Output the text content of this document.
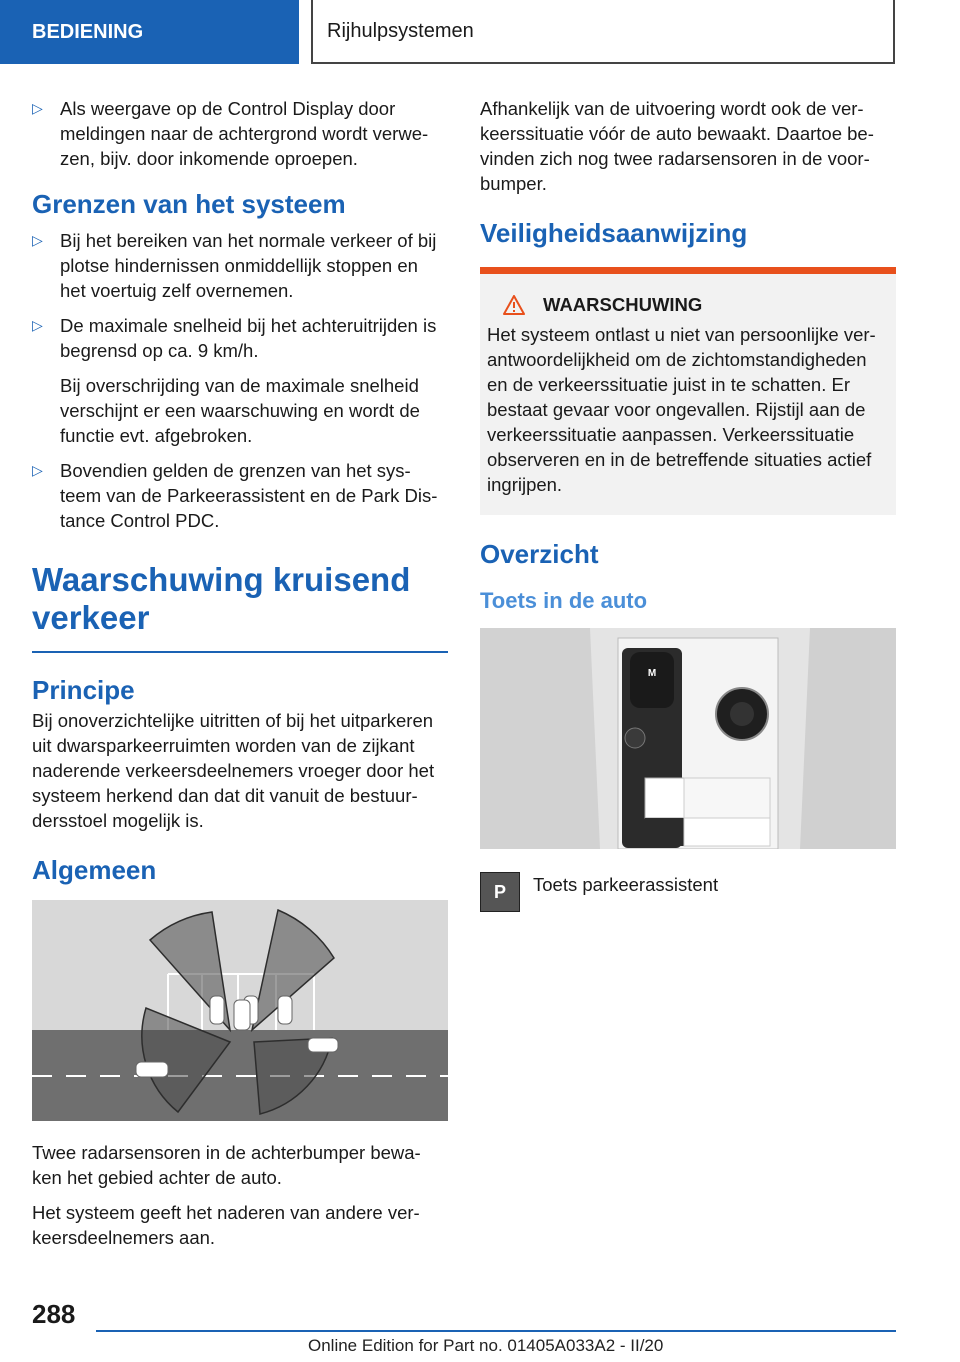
BEDIENING	Rijhulpsystemen
▷ Als weergave op de Control Display door meldingen naar de achtergrond wordt verwe-zen, bijv. door inkomende oproepen.
Grenzen van het systeem
▷ Bij het bereiken van het normale verkeer of bij plotse hindernissen onmiddellijk stoppen en het voertuig zelf overnemen.
▷ De maximale snelheid bij het achteruitrijden is begrensd op ca. 9 km/h.

Bij overschrijding van de maximale snelheid verschijnt er een waarschuwing en wordt de functie evt. afgebroken.

▷ Bovendien gelden de grenzen van het sys-teem van de Parkeerassistent en de Park Dis-tance Control PDC.
Waarschuwing kruisend verkeer
Principe

Bij onoverzichtelijke uitritten of bij het uitparkeren uit dwarsparkeerruimten worden van de zijkant naderende verkeersdeelnemers vroeger door het systeem herkend dan dat dit vanuit de bestuur-dersstoel mogelijk is.

Algemeen

Twee radarsensoren in de achterbumper bewa-ken het gebied achter de auto.

Het systeem geeft het naderen van andere ver-keersdeelnemers aan.

Afhankelijk van de uitvoering wordt ook de ver-keerssituatie vóór de auto bewaakt. Daartoe be-vinden zich nog twee radarsensoren in de voor-bumper.

Veiligheidsaanwijzing
WAARSCHUWING

Het systeem ontlast u niet van persoonlijke ver-antwoordelijkheid om de zichtomstandigheden en de verkeerssituatie juist in te schatten. Er bestaat gevaar voor ongevallen. Rijstijl aan de verkeerssituatie aanpassen. Verkeerssituatie observeren en in de betreffende situaties actief ingrijpen.

Overzicht
Toets in de auto
M
P	Toets parkeerassistent

288
Online Edition for Part no. 01405A033A2 - II/20
